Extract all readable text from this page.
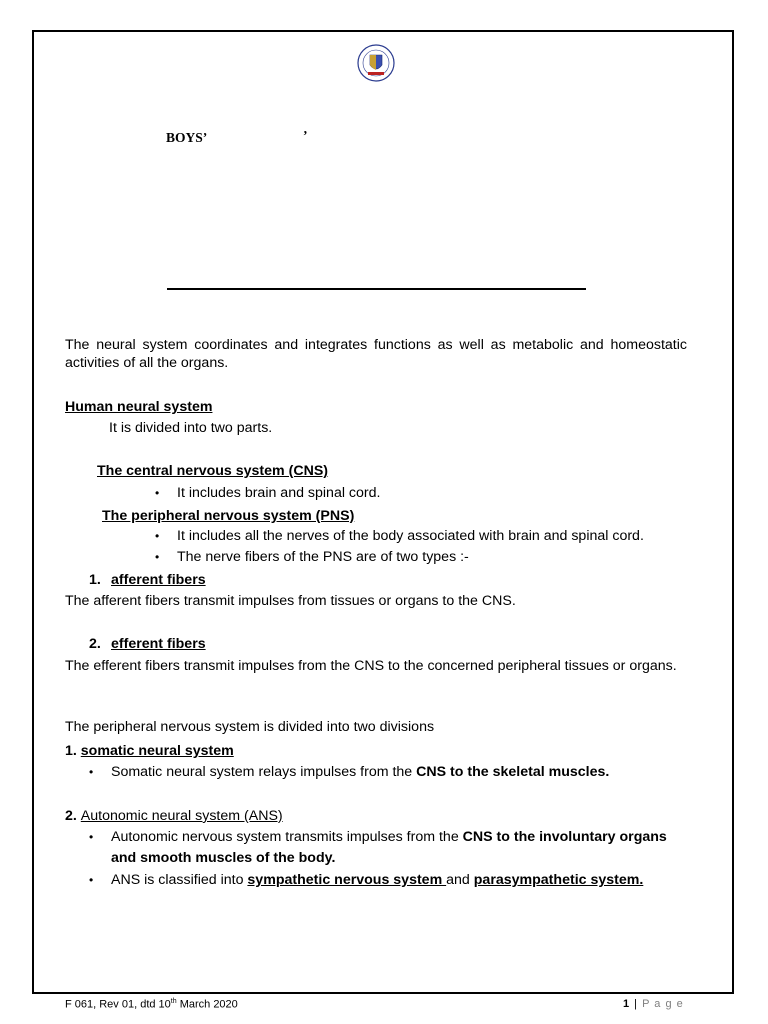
BOYS’	’
The neural system coordinates and integrates functions as well as metabolic and homeostatic activities of all the organs.
Human neural system
It is divided into two parts.
The central nervous system (CNS)
• It includes brain and spinal cord.
The peripheral nervous system (PNS)
• It includes all the nerves of the body associated with brain and spinal cord.
• The nerve fibers of the PNS are of two types :-
1. afferent fibers
The afferent fibers transmit impulses from tissues or organs to the CNS.
2. efferent fibers
The efferent fibers transmit impulses from the CNS to the concerned peripheral tissues or organs.
The peripheral nervous system is divided into two divisions
1. somatic neural system
• Somatic neural system relays impulses from the CNS to the skeletal muscles.
2. Autonomic neural system (ANS)
• Autonomic nervous system transmits impulses from the CNS to the involuntary organs
and smooth muscles of the body.
• ANS is classified into sympathetic nervous system and parasympathetic system.
F 061, Rev 01, dtd 10th March 2020	1 | P a g e
